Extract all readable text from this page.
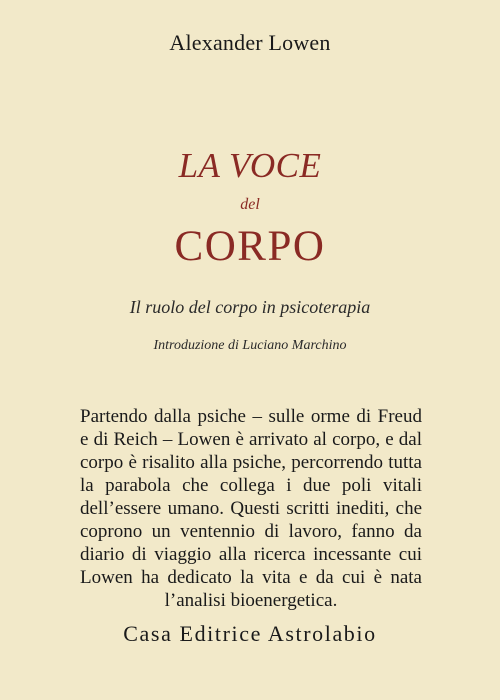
Alexander Lowen
LA VOCE
del
CORPO
Il ruolo del corpo in psicoterapia
Introduzione di Luciano Marchino

Partendo dalla psiche – sulle orme di Freud e di Reich – Lowen è arrivato al corpo, e dal corpo è risalito alla psiche, percorrendo tutta la parabola che collega i due poli vitali dell’essere umano. Questi scritti inediti, che coprono un ventennio di lavoro, fanno da diario di viaggio alla ricerca incessante cui Lowen ha dedicato la vita e da cui è nata l’analisi bioenergetica.

Casa Editrice Astrolabio
